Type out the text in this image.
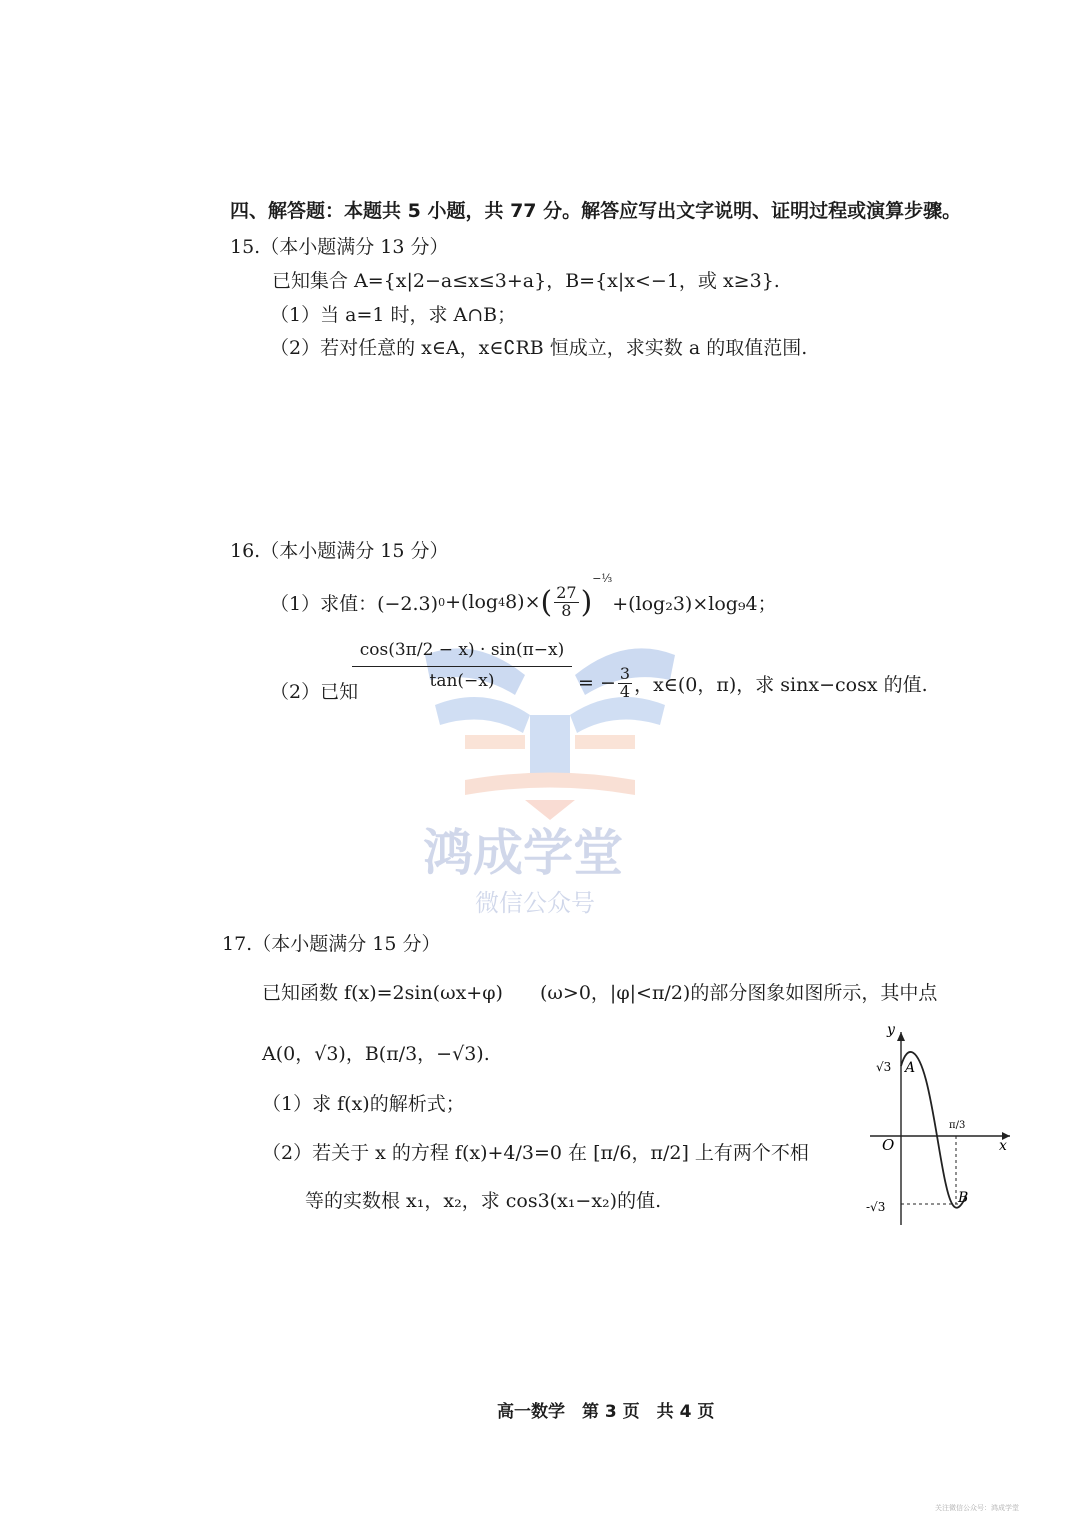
四、解答题：本题共 5 小题，共 77 分。解答应写出文字说明、证明过程或演算步骤。
15.（本小题满分 13 分）
已知集合 A={x|2−a≤x≤3+a}，B={x|x<−1，或 x≥3}.
（1）当 a=1 时，求 A∩B；
（2）若对任意的 x∈A，x∈∁RB 恒成立，求实数 a 的取值范围.
鸿成学堂
微信公众号
16.（本小题满分 15 分）
（1）求值：(−2.3) 0 +(log 4 8)× ( $\frac{27}{8}$ )
−⅓
+(log₂3)×log₉4；
（2）已知
$\frac{\cos(3\pi/2 - x) \cdot \sin(\pi-x)}{\tan(-x)}$ = − $\frac{3}{4}$ ，x∈(0，π)，求 sinx−cosx 的值.
17.（本小题满分 15 分）
已知函数 f(x)=2sin(ωx+φ) (ω>0，|φ|<π/2)的部分图象如图所示，其中点
A(0，√3)，B(π/3，−√3).
（1）求 f(x)的解析式；
（2）若关于 x 的方程 f(x)+4/3=0 在 [π/6，π/2] 上有两个不相
等的实数根 x₁，x₂，求 cos3(x₁−x₂)的值.
y
x
O
√3
-√3
π/3
A
B
高一数学　第 3 页　共 4 页
关注微信公众号：鸿成学堂
